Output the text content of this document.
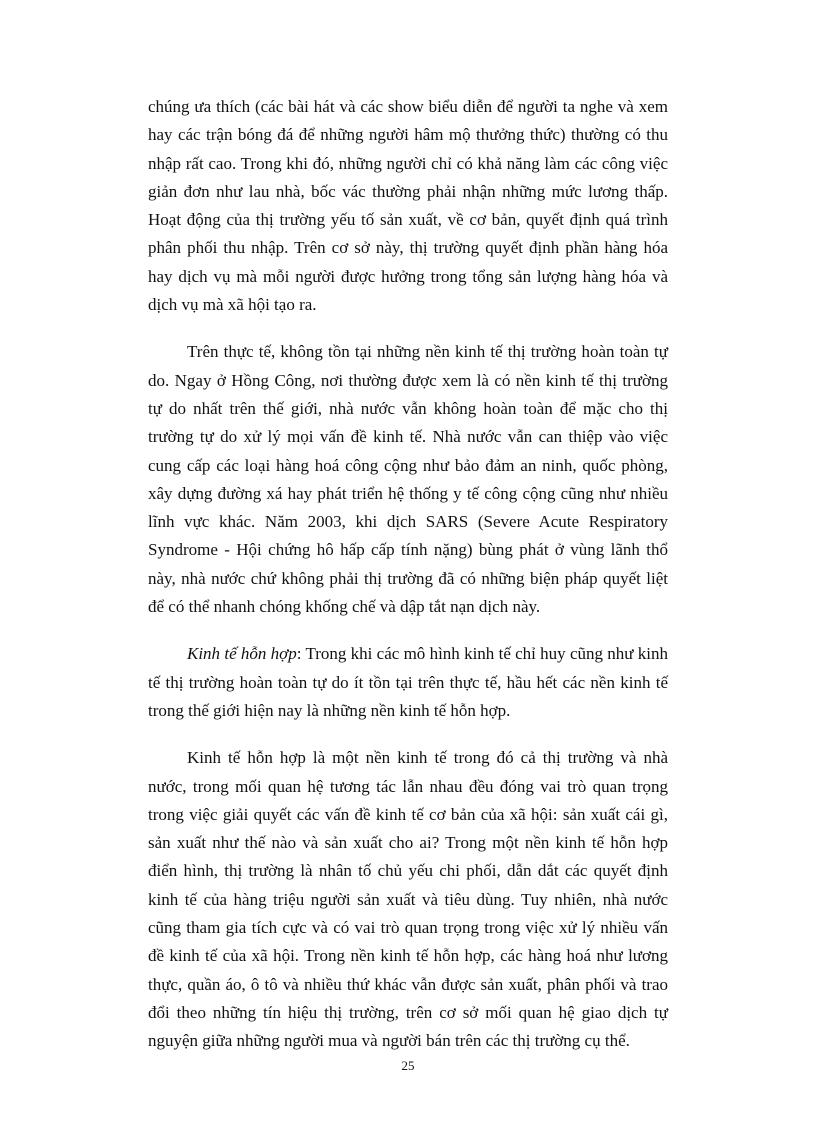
chúng ưa thích (các bài hát và các show biểu diễn để người ta nghe và xem hay các trận bóng đá để những người hâm mộ thưởng thức) thường có thu nhập rất cao. Trong khi đó, những người chỉ có khả năng làm các công việc giản đơn như lau nhà, bốc vác thường phải nhận những mức lương thấp. Hoạt động của thị trường yếu tố sản xuất, về cơ bản, quyết định quá trình phân phối thu nhập. Trên cơ sở này, thị trường quyết định phần hàng hóa hay dịch vụ mà mỗi người được hưởng trong tổng sản lượng hàng hóa và dịch vụ mà xã hội tạo ra.

Trên thực tế, không tồn tại những nền kinh tế thị trường hoàn toàn tự do. Ngay ở Hồng Công, nơi thường được xem là có nền kinh tế thị trường tự do nhất trên thế giới, nhà nước vẫn không hoàn toàn để mặc cho thị trường tự do xử lý mọi vấn đề kinh tế. Nhà nước vẫn can thiệp vào việc cung cấp các loại hàng hoá công cộng như bảo đảm an ninh, quốc phòng, xây dựng đường xá hay phát triển hệ thống y tế công cộng cũng như nhiều lĩnh vực khác. Năm 2003, khi dịch SARS (Severe Acute Respiratory Syndrome - Hội chứng hô hấp cấp tính nặng) bùng phát ở vùng lãnh thổ này, nhà nước chứ không phải thị trường đã có những biện pháp quyết liệt để có thể nhanh chóng khống chế và dập tắt nạn dịch này.

Kinh tế hỗn hợp: Trong khi các mô hình kinh tế chỉ huy cũng như kinh tế thị trường hoàn toàn tự do ít tồn tại trên thực tế, hầu hết các nền kinh tế trong thế giới hiện nay là những nền kinh tế hỗn hợp.

Kinh tế hỗn hợp là một nền kinh tế trong đó cả thị trường và nhà nước, trong mối quan hệ tương tác lẫn nhau đều đóng vai trò quan trọng trong việc giải quyết các vấn đề kinh tế cơ bản của xã hội: sản xuất cái gì, sản xuất như thế nào và sản xuất cho ai? Trong một nền kinh tế hỗn hợp điển hình, thị trường là nhân tố chủ yếu chi phối, dẫn dắt các quyết định kinh tế của hàng triệu người sản xuất và tiêu dùng. Tuy nhiên, nhà nước cũng tham gia tích cực và có vai trò quan trọng trong việc xử lý nhiều vấn đề kinh tế của xã hội. Trong nền kinh tế hỗn hợp, các hàng hoá như lương thực, quần áo, ô tô và nhiều thứ khác vẫn được sản xuất, phân phối và trao đổi theo những tín hiệu thị trường, trên cơ sở mối quan hệ giao dịch tự nguyện giữa những người mua và người bán trên các thị trường cụ thể.

25
